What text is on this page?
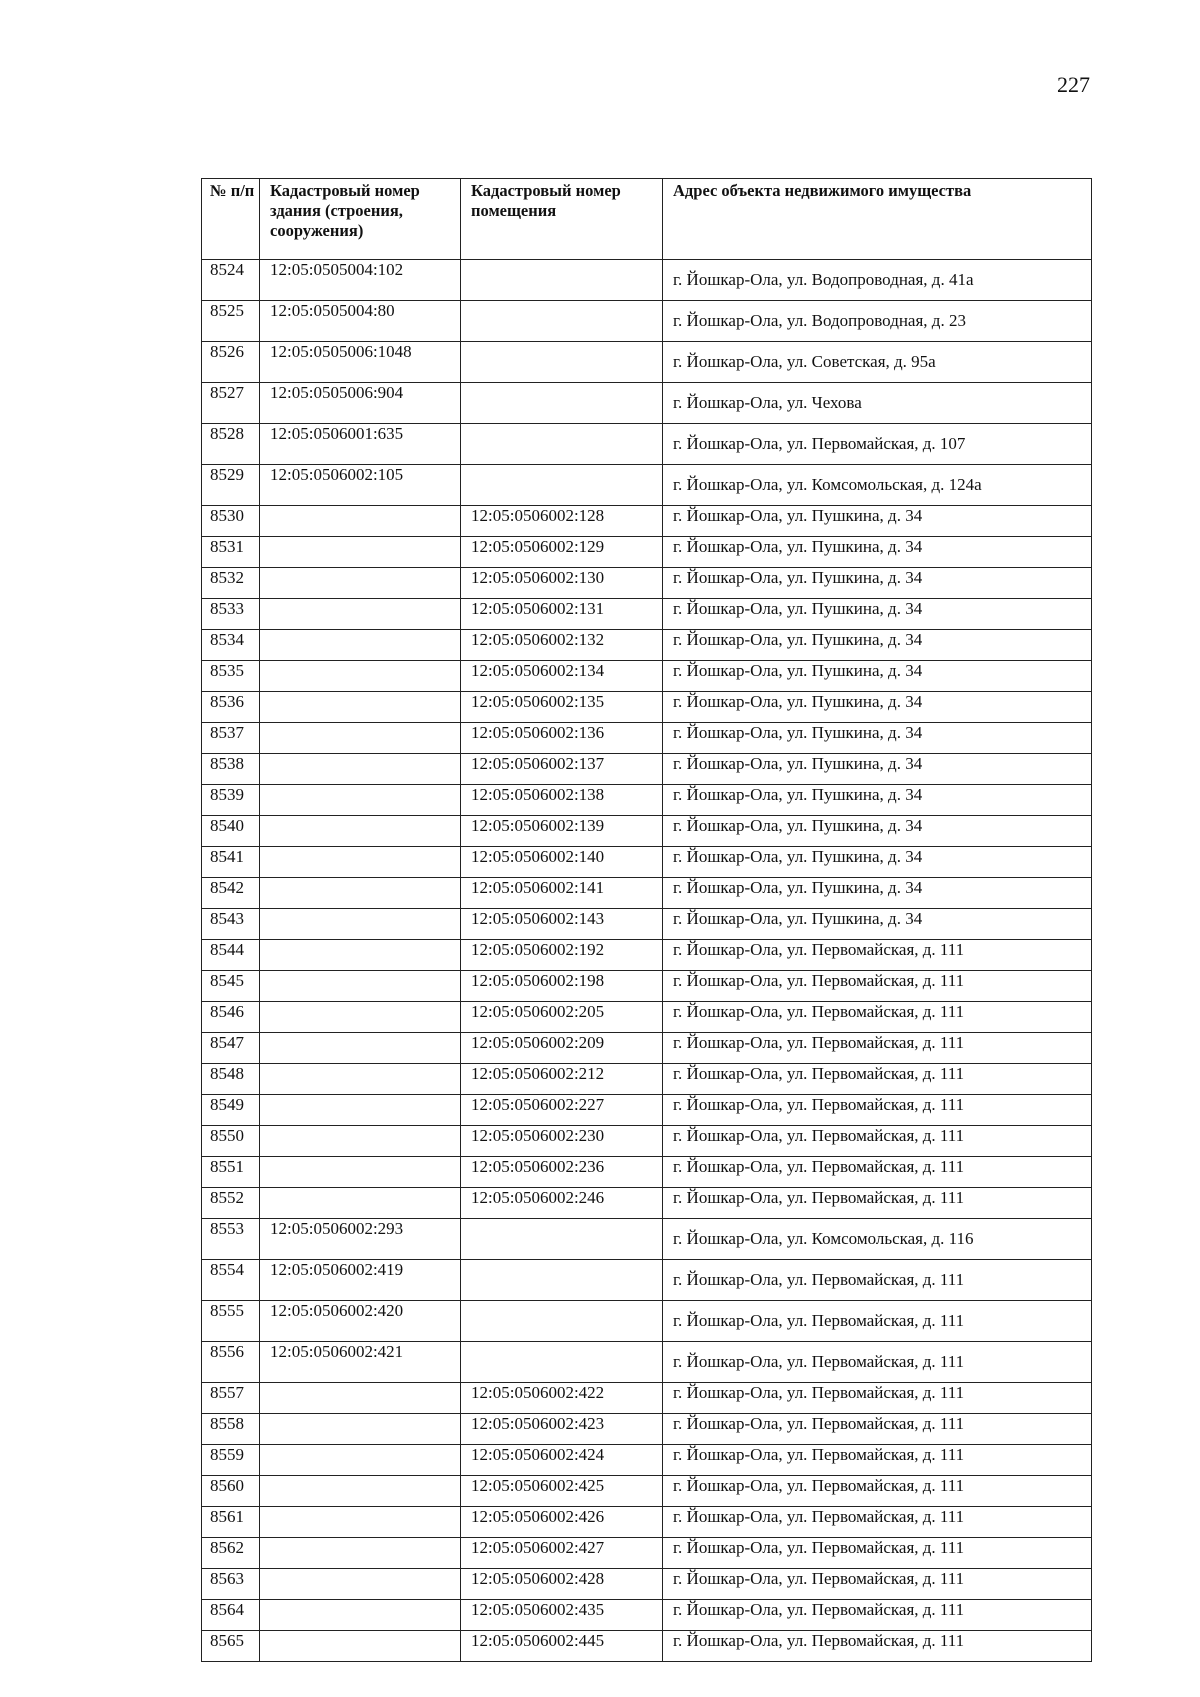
227
№ п/п	Кадастровый номер здания (строения, сооружения)	Кадастровый номер помещения	Адрес объекта недвижимого имущества
8524	12:05:0505004:102		г. Йошкар-Ола, ул. Водопроводная, д. 41а
8525	12:05:0505004:80		г. Йошкар-Ола, ул. Водопроводная, д. 23
8526	12:05:0505006:1048		г. Йошкар-Ола, ул. Советская, д. 95а
8527	12:05:0505006:904		г. Йошкар-Ола, ул. Чехова
8528	12:05:0506001:635		г. Йошкар-Ола, ул. Первомайская, д. 107
8529	12:05:0506002:105		г. Йошкар-Ола, ул. Комсомольская, д. 124а
8530		12:05:0506002:128	г. Йошкар-Ола, ул. Пушкина, д. 34
8531		12:05:0506002:129	г. Йошкар-Ола, ул. Пушкина, д. 34
8532		12:05:0506002:130	г. Йошкар-Ола, ул. Пушкина, д. 34
8533		12:05:0506002:131	г. Йошкар-Ола, ул. Пушкина, д. 34
8534		12:05:0506002:132	г. Йошкар-Ола, ул. Пушкина, д. 34
8535		12:05:0506002:134	г. Йошкар-Ола, ул. Пушкина, д. 34
8536		12:05:0506002:135	г. Йошкар-Ола, ул. Пушкина, д. 34
8537		12:05:0506002:136	г. Йошкар-Ола, ул. Пушкина, д. 34
8538		12:05:0506002:137	г. Йошкар-Ола, ул. Пушкина, д. 34
8539		12:05:0506002:138	г. Йошкар-Ола, ул. Пушкина, д. 34
8540		12:05:0506002:139	г. Йошкар-Ола, ул. Пушкина, д. 34
8541		12:05:0506002:140	г. Йошкар-Ола, ул. Пушкина, д. 34
8542		12:05:0506002:141	г. Йошкар-Ола, ул. Пушкина, д. 34
8543		12:05:0506002:143	г. Йошкар-Ола, ул. Пушкина, д. 34
8544		12:05:0506002:192	г. Йошкар-Ола, ул. Первомайская, д. 111
8545		12:05:0506002:198	г. Йошкар-Ола, ул. Первомайская, д. 111
8546		12:05:0506002:205	г. Йошкар-Ола, ул. Первомайская, д. 111
8547		12:05:0506002:209	г. Йошкар-Ола, ул. Первомайская, д. 111
8548		12:05:0506002:212	г. Йошкар-Ола, ул. Первомайская, д. 111
8549		12:05:0506002:227	г. Йошкар-Ола, ул. Первомайская, д. 111
8550		12:05:0506002:230	г. Йошкар-Ола, ул. Первомайская, д. 111
8551		12:05:0506002:236	г. Йошкар-Ола, ул. Первомайская, д. 111
8552		12:05:0506002:246	г. Йошкар-Ола, ул. Первомайская, д. 111
8553	12:05:0506002:293		г. Йошкар-Ола, ул. Комсомольская, д. 116
8554	12:05:0506002:419		г. Йошкар-Ола, ул. Первомайская, д. 111
8555	12:05:0506002:420		г. Йошкар-Ола, ул. Первомайская, д. 111
8556	12:05:0506002:421		г. Йошкар-Ола, ул. Первомайская, д. 111
8557		12:05:0506002:422	г. Йошкар-Ола, ул. Первомайская, д. 111
8558		12:05:0506002:423	г. Йошкар-Ола, ул. Первомайская, д. 111
8559		12:05:0506002:424	г. Йошкар-Ола, ул. Первомайская, д. 111
8560		12:05:0506002:425	г. Йошкар-Ола, ул. Первомайская, д. 111
8561		12:05:0506002:426	г. Йошкар-Ола, ул. Первомайская, д. 111
8562		12:05:0506002:427	г. Йошкар-Ола, ул. Первомайская, д. 111
8563		12:05:0506002:428	г. Йошкар-Ола, ул. Первомайская, д. 111
8564		12:05:0506002:435	г. Йошкар-Ола, ул. Первомайская, д. 111
8565		12:05:0506002:445	г. Йошкар-Ола, ул. Первомайская, д. 111
